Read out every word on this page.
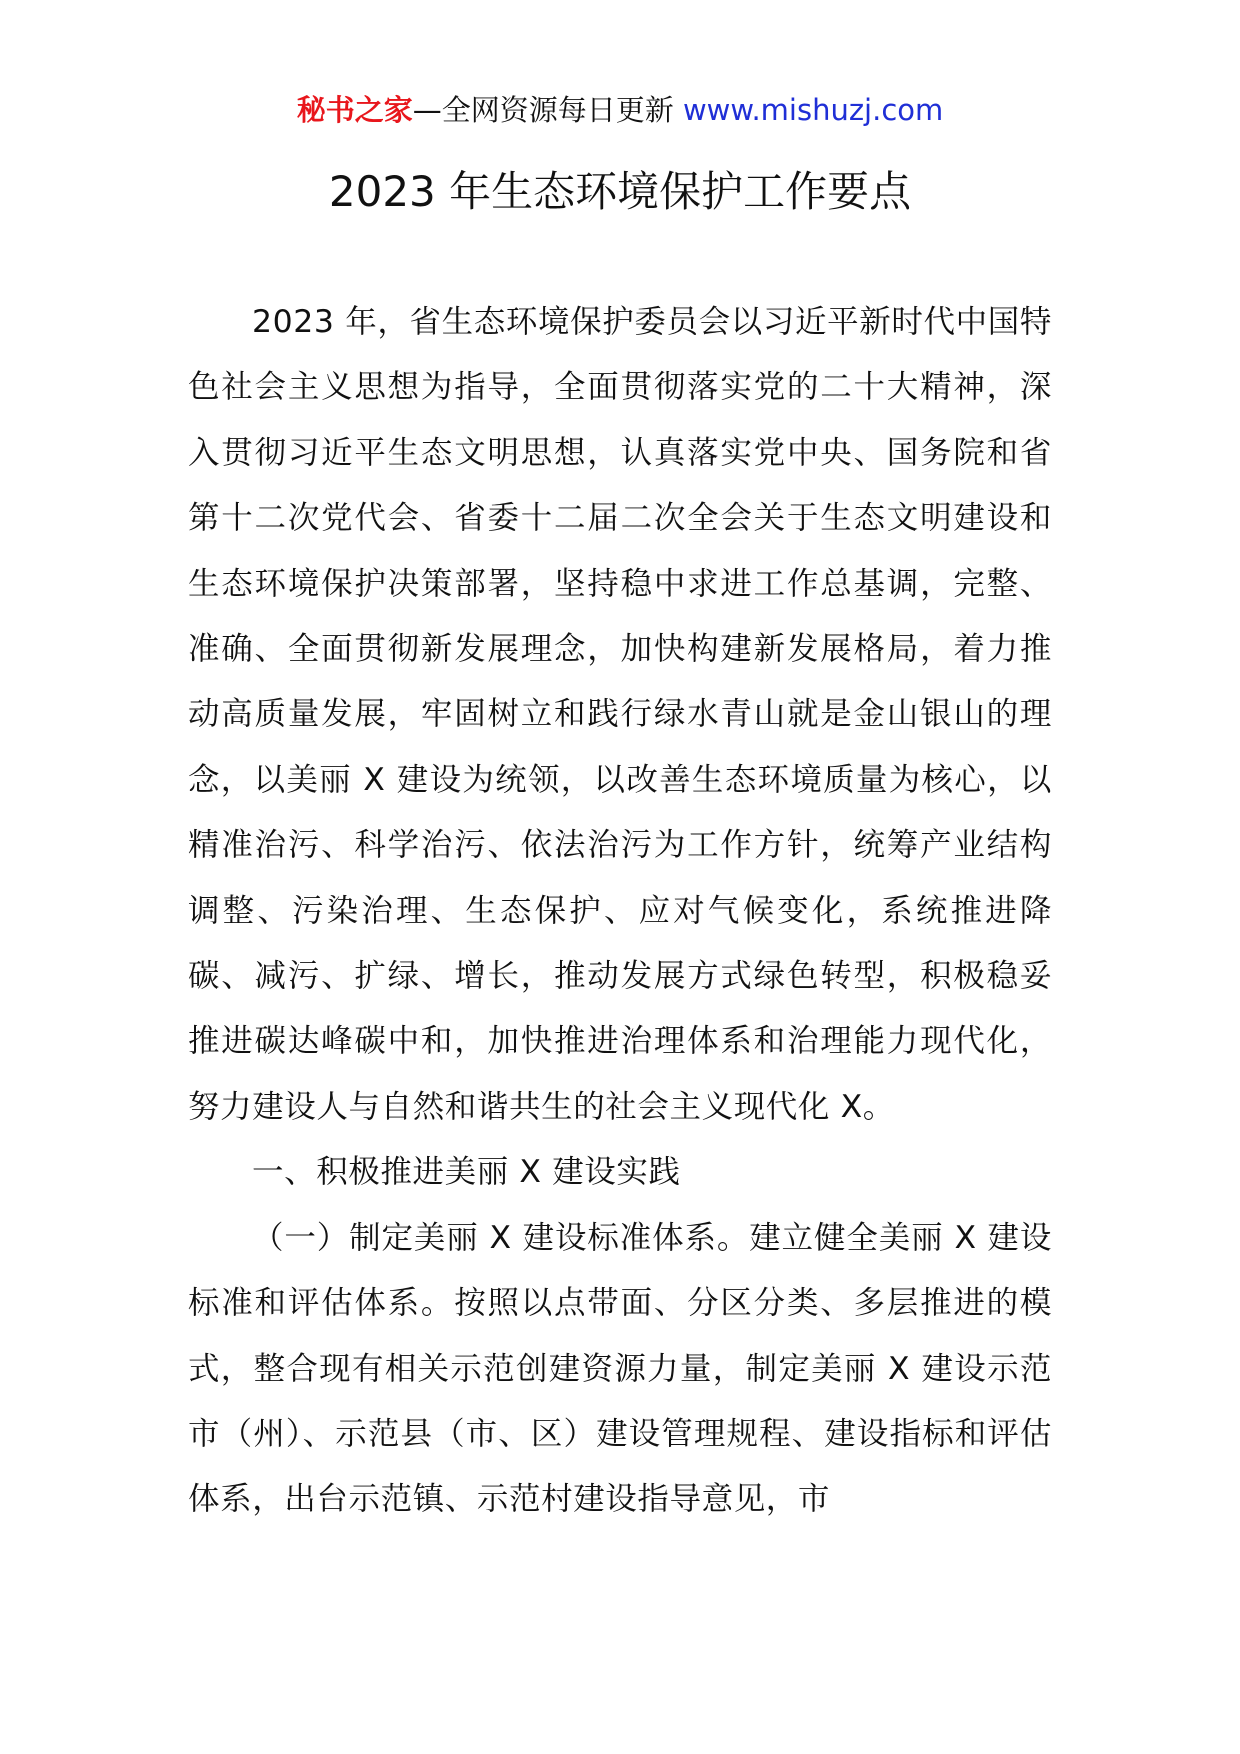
秘书之家—全网资源每日更新 www.mishuzj.com
2023 年生态环境保护工作要点

2023 年，省生态环境保护委员会以习近平新时代中国特色社会主义思想为指导，全面贯彻落实党的二十大精神，深入贯彻习近平生态文明思想，认真落实党中央、国务院和省第十二次党代会、省委十二届二次全会关于生态文明建设和生态环境保护决策部署，坚持稳中求进工作总基调，完整、准确、全面贯彻新发展理念，加快构建新发展格局，着力推动高质量发展，牢固树立和践行绿水青山就是金山银山的理念，以美丽 X 建设为统领，以改善生态环境质量为核心，以精准治污、科学治污、依法治污为工作方针，统筹产业结构调整、污染治理、生态保护、应对气候变化，系统推进降碳、减污、扩绿、增长，推动发展方式绿色转型，积极稳妥推进碳达峰碳中和，加快推进治理体系和治理能力现代化，努力建设人与自然和谐共生的社会主义现代化 X。

一、积极推进美丽 X 建设实践

（一）制定美丽 X 建设标准体系。建立健全美丽 X 建设标准和评估体系。按照以点带面、分区分类、多层推进的模式，整合现有相关示范创建资源力量，制定美丽 X 建设示范市（州）、示范县（市、区）建设管理规程、建设指标和评估体系，出台示范镇、示范村建设指导意见，市
